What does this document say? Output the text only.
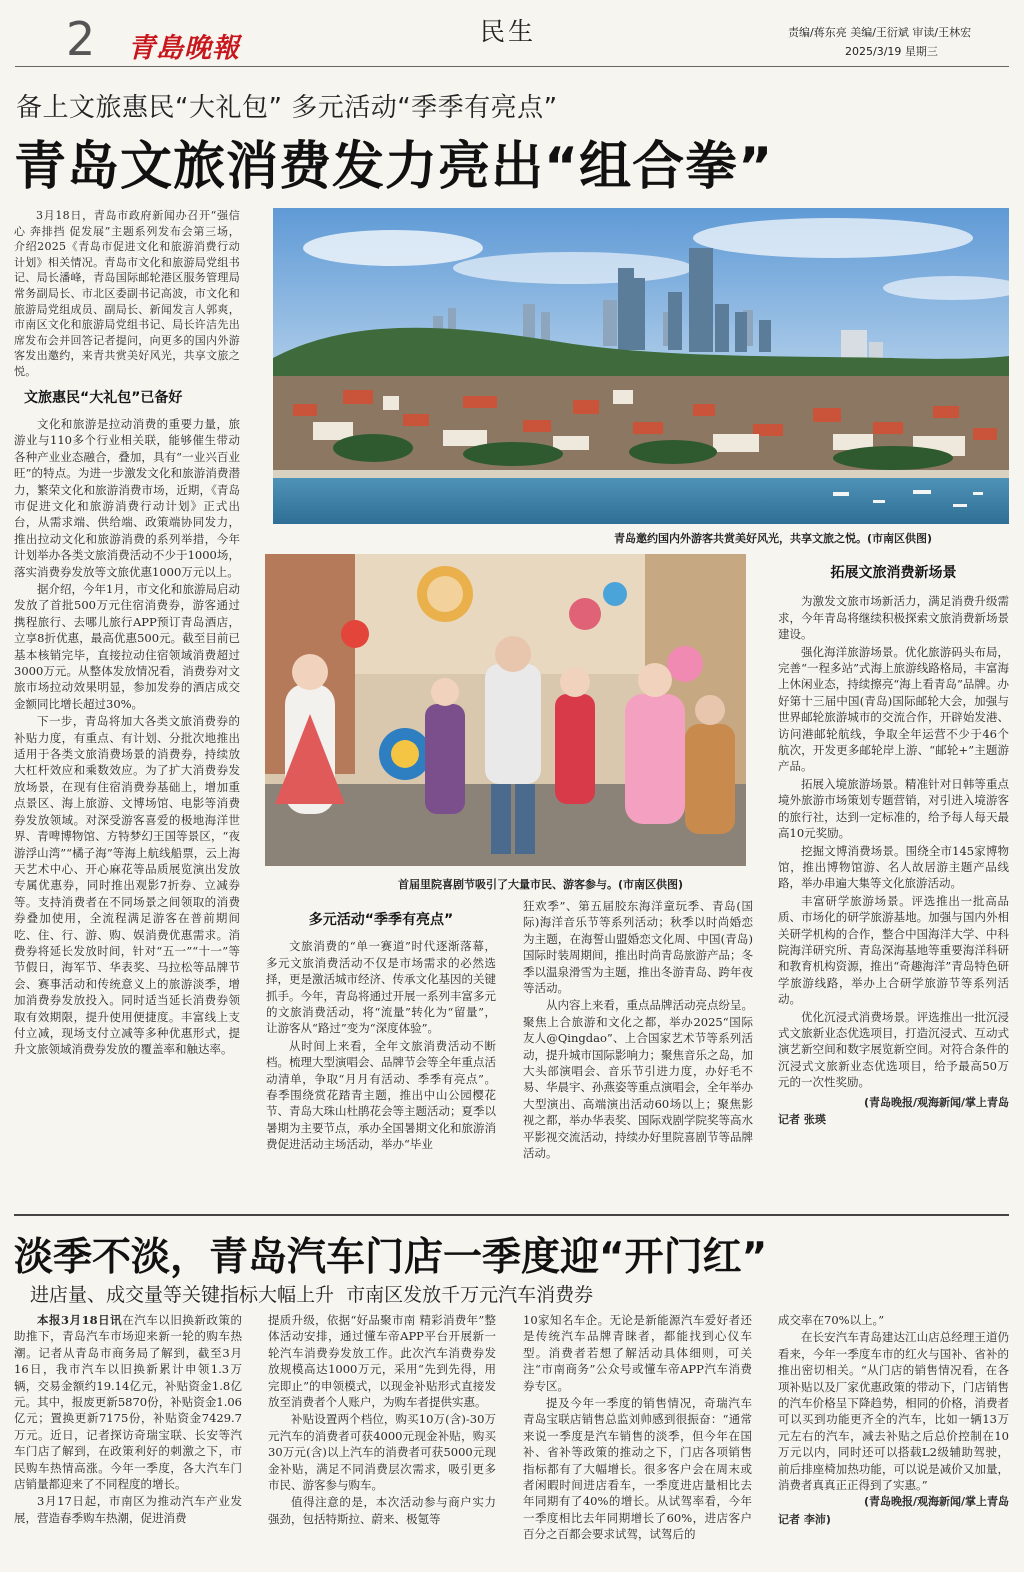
2 青島晚報
民生	责编/蒋东亮 美编/王衍斌 审读/王林宏
2025/3/19 星期三
备上文旅惠民“大礼包” 多元活动“季季有亮点”
青岛文旅消费发力亮出“组合拳”

3月18日，青岛市政府新闻办召开“强信心 奔排挡 促发展”主题系列发布会第三场，介绍2025《青岛市促进文化和旅游消费行动计划》相关情况。青岛市文化和旅游局党组书记、局长潘峰，青岛国际邮轮港区服务管理局常务副局长、市北区委副书记高波，市文化和旅游局党组成员、副局长、新闻发言人郭爽，市南区文化和旅游局党组书记、局长许洁先出席发布会并回答记者提问，向更多的国内外游客发出邀约，来青共赏美好风光，共享文旅之悦。

文旅惠民“大礼包”已备好

文化和旅游是拉动消费的重要力量，旅游业与110多个行业相关联，能够催生带动各种产业业态融合，叠加，具有“一业兴百业旺”的特点。为进一步激发文化和旅游消费潜力，繁荣文化和旅游消费市场，近期，《青岛市促进文化和旅游消费行动计划》正式出台，从需求端、供给端、政策端协同发力，推出拉动文化和旅游消费的系列举措，今年计划举办各类文旅消费活动不少于1000场，落实消费券发放等文旅优惠1000万元以上。

据介绍，今年1月，市文化和旅游局启动发放了首批500万元住宿消费券，游客通过携程旅行、去哪儿旅行APP预订青岛酒店，立享8折优惠，最高优惠500元。截至目前已基本核销完毕，直接拉动住宿领域消费超过3000万元。从整体发放情况看，消费券对文旅市场拉动效果明显，参加发券的酒店成交金额同比增长超过30%。

下一步，青岛将加大各类文旅消费券的补贴力度，有重点、有计划、分批次地推出适用于各类文旅消费场景的消费券，持续放大杠杆效应和乘数效应。为了扩大消费券发放场景，在现有住宿消费券基础上，增加重点景区、海上旅游、文博场馆、电影等消费券发放领域。对深受游客喜爱的极地海洋世界、青啤博物馆、方特梦幻王国等景区，“夜游浮山湾”“橘子海”等海上航线船票，云上海天艺术中心、开心麻花等品质展览演出发放专属优惠券，同时推出观影7折券、立减券等。支持消费者在不同场景之间领取的消费券叠加使用，全流程满足游客在普前期间吃、住、行、游、购、娱消费优惠需求。消费券将延长发放时间，针对“五一”“十一”等节假日，海军节、华表奖、马拉松等品牌节会、赛事活动和传统意义上的旅游淡季，增加消费券发放投入。同时适当延长消费券领取有效期限，提升使用便捷度。丰富线上支付立减，现场支付立减等多种优惠形式，提升文旅领域消费券发放的覆盖率和触达率。

青岛邀约国内外游客共赏美好风光，共享文旅之悦。(市南区供图)
首届里院喜剧节吸引了大量市民、游客参与。(市南区供图)
多元活动“季季有亮点”

文旅消费的“单一赛道”时代逐渐落幕，多元文旅消费活动不仅是市场需求的必然选择，更是激活城市经济、传承文化基因的关键抓手。今年，青岛将通过开展一系列丰富多元的文旅消费活动，将“流量”转化为“留量”，让游客从“路过”变为“深度体验”。

从时间上来看，全年文旅消费活动不断档。梳理大型演唱会、品牌节会等全年重点活动清单，争取“月月有活动、季季有亮点”。春季围绕赏花踏青主题，推出中山公园樱花节、青岛大珠山杜鹃花会等主题活动；夏季以暑期为主要节点，承办全国暑期文化和旅游消费促进活动主场活动，举办“毕业

狂欢季”、第五届胶东海洋童玩季、青岛(国际)海洋音乐节等系列活动；秋季以时尚婚恋为主题，在海誓山盟婚恋文化周、中国(青岛)国际时装周期间，推出时尚青岛旅游产品；冬季以温泉滑雪为主题，推出冬游青岛、跨年夜等活动。

从内容上来看，重点品牌活动亮点纷呈。聚焦上合旅游和文化之都，举办2025“国际友人@Qingdao”、上合国家艺术节等系列活动，提升城市国际影响力；聚焦音乐之岛，加大头部演唱会、音乐节引进力度，办好毛不易、华晨宇、孙燕姿等重点演唱会，全年举办大型演出、高端演出活动60场以上；聚焦影视之都，举办华表奖、国际戏剧学院奖等高水平影视交流活动，持续办好里院喜剧节等品牌活动。

拓展文旅消费新场景

为激发文旅市场新活力，满足消费升级需求，今年青岛将继续积极探索文旅消费新场景建设。

强化海洋旅游场景。优化旅游码头布局，完善“一程多站”式海上旅游线路格局，丰富海上休闲业态，持续擦亮“海上看青岛”品牌。办好第十三届中国(青岛)国际邮轮大会，加强与世界邮轮旅游城市的交流合作，开辟始发港、访问港邮轮航线，争取全年运营不少于46个航次，开发更多邮轮岸上游、“邮轮+”主题游产品。

拓展入境旅游场景。精准针对日韩等重点境外旅游市场策划专题营销，对引进入境游客的旅行社，达到一定标准的，给予每人每天最高10元奖励。

挖掘文博消费场景。围绕全市145家博物馆，推出博物馆游、名人故居游主题产品线路，举办串遍大集等文化旅游活动。

丰富研学旅游场景。评选推出一批高品质、市场化的研学旅游基地。加强与国内外相关研学机构的合作，整合中国海洋大学、中科院海洋研究所、青岛深海基地等重要海洋科研和教育机构资源，推出“奇趣海洋”青岛特色研学旅游线路，举办上合研学旅游节等系列活动。

优化沉浸式消费场景。评选推出一批沉浸式文旅新业态优选项目，打造沉浸式、互动式演艺新空间和数字展览新空间。对符合条件的沉浸式文旅新业态优选项目，给予最高50万元的一次性奖励。

(青岛晚报/观海新闻/掌上青岛

记者 张瑛

淡季不淡，青岛汽车门店一季度迎“开门红”
进店量、成交量等关键指标大幅上升  市南区发放千万元汽车消费券

本报3月18日讯在汽车以旧换新政策的助推下，青岛汽车市场迎来新一轮的购车热潮。记者从青岛市商务局了解到，截至3月16日，我市汽车以旧换新累计申领1.3万辆，交易金额约19.14亿元，补贴资金1.8亿元。其中，报废更新5870份，补贴资金1.06亿元；置换更新7175份，补贴资金7429.7万元。近日，记者探访奇瑞宝联、长安等汽车门店了解到，在政策利好的刺激之下，市民购车热情高涨。今年一季度，各大汽车门店销量都迎来了不同程度的增长。

3月17日起，市南区为推动汽车产业发展，营造春季购车热潮，促进消费

提质升级，依据“好品聚市南 精彩消费年”整体活动安排，通过懂车帝APP平台开展新一轮汽车消费券发放工作。此次汽车消费券发放规模高达1000万元，采用“先到先得，用完即止”的申领模式，以现金补贴形式直接发放至消费者个人账户，为购车者提供实惠。

补贴设置两个档位，购买10万(含)-30万元汽车的消费者可获4000元现金补贴，购买30万元(含)以上汽车的消费者可获5000元现金补贴，满足不同消费层次需求，吸引更多市民、游客参与购车。

值得注意的是，本次活动参与商户实力强劲，包括特斯拉、蔚来、极氪等

10家知名车企。无论是新能源汽车爱好者还是传统汽车品牌青睐者，都能找到心仪车型。消费者若想了解活动具体细则，可关注“市南商务”公众号或懂车帝APP汽车消费券专区。

提及今年一季度的销售情况，奇瑞汽车青岛宝联店销售总监刘帅感到很振奋：“通常来说一季度是汽车销售的淡季，但今年在国补、省补等政策的推动之下，门店各项销售指标都有了大幅增长。很多客户会在周末或者闲暇时间进店看车，一季度进店量相比去年同期有了40%的增长。从试驾率看，今年一季度相比去年同期增长了60%，进店客户百分之百都会要求试驾，试驾后的

成交率在70%以上。”

在长安汽车青岛建达江山店总经理王道仍看来，今年一季度车市的红火与国补、省补的推出密切相关。“从门店的销售情况看，在各项补贴以及厂家优惠政策的带动下，门店销售的汽车价格呈下降趋势，相同的价格，消费者可以买到功能更齐全的汽车，比如一辆13万元左右的汽车，减去补贴之后总价控制在10万元以内，同时还可以搭载L2级辅助驾驶，前后排座椅加热功能，可以说是减价又加量，消费者真真正正得到了实惠。”

(青岛晚报/观海新闻/掌上青岛

记者 李沛)
